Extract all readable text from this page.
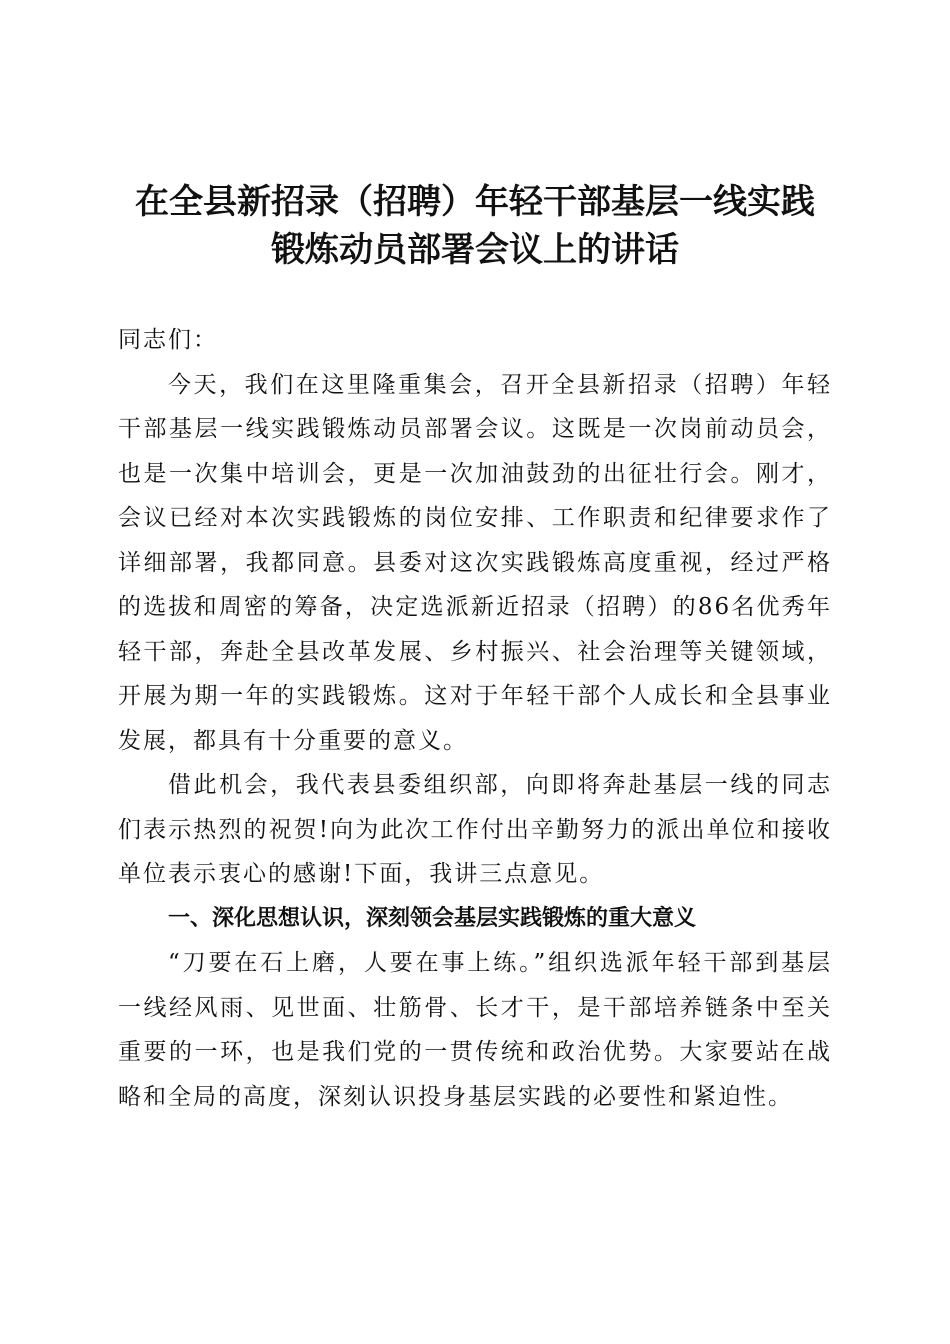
在全县新招录（招聘）年轻干部基层一线实践
锻炼动员部署会议上的讲话

同志们：

今天，我们在这里隆重集会，召开全县新招录（招聘）年轻干部基层一线实践锻炼动员部署会议。这既是一次岗前动员会，也是一次集中培训会，更是一次加油鼓劲的出征壮行会。刚才，会议已经对本次实践锻炼的岗位安排、工作职责和纪律要求作了详细部署，我都同意。县委对这次实践锻炼高度重视，经过严格的选拔和周密的筹备，决定选派新近招录（招聘）的86名优秀年轻干部，奔赴全县改革发展、乡村振兴、社会治理等关键领域，开展为期一年的实践锻炼。这对于年轻干部个人成长和全县事业发展，都具有十分重要的意义。

借此机会，我代表县委组织部，向即将奔赴基层一线的同志们表示热烈的祝贺!向为此次工作付出辛勤努力的派出单位和接收单位表示衷心的感谢!下面，我讲三点意见。

一、深化思想认识，深刻领会基层实践锻炼的重大意义

“刀要在石上磨，人要在事上练。”组织选派年轻干部到基层一线经风雨、见世面、壮筋骨、长才干，是干部培养链条中至关重要的一环，也是我们党的一贯传统和政治优势。大家要站在战略和全局的高度，深刻认识投身基层实践的必要性和紧迫性。
